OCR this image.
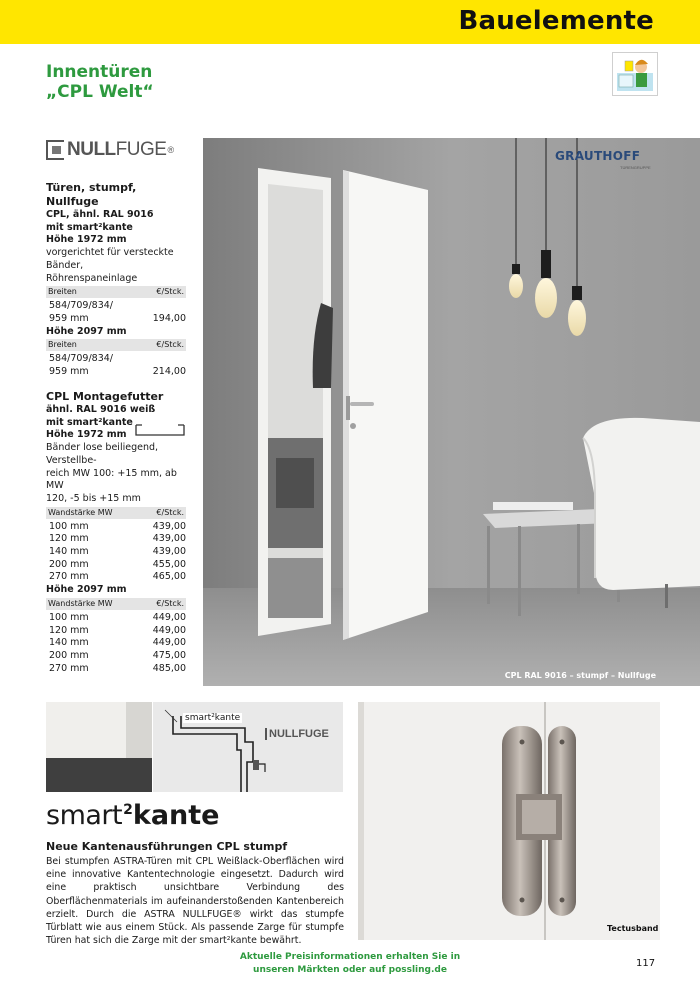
Bauelemente
Innentüren
„CPL Welt“
NULLFUGE ®
Türen, stumpf, Nullfuge
CPL, ähnl. RAL 9016
mit smart²kante
Höhe 1972 mm
vorgerichtet für versteckte Bänder,
Röhrenspaneinlage
Breiten	€/Stck.
584/709/834/
959 mm	194,00
Höhe 2097 mm
Breiten	€/Stck.
584/709/834/
959 mm	214,00
CPL Montagefutter
ähnl. RAL 9016 weiß
mit smart²kante
Höhe 1972 mm
Bänder lose beiliegend, Verstellbe-
reich MW 100: +15 mm, ab MW
120, -5 bis +15 mm
Wandstärke MW	€/Stck.
100 mm	439,00
120 mm	439,00
140 mm	439,00
200 mm	455,00
270 mm	465,00
Höhe 2097 mm
Wandstärke MW	€/Stck.
100 mm	449,00
120 mm	449,00
140 mm	449,00
200 mm	475,00
270 mm	485,00
GRAUTHOFF
TÜRENGRUPPE
CPL RAL 9016 – stumpf – Nullfuge
smart²kante
NULLFUGE
Tectusband
smart$^2$kante
Neue Kantenausführungen CPL stumpf
Bei stumpfen ASTRA-Türen mit CPL Weißlack-Oberflächen wird eine innovative Kantentechnologie eingesetzt. Dadurch wird eine praktisch unsichtbare Verbindung des Oberflächenmaterials im aufeinanderstoßenden Kantenbereich erzielt. Durch die ASTRA NULLFUGE® wirkt das stumpfe Türblatt wie aus einem Stück. Als passende Zarge für stumpfe Türen hat sich die Zarge mit der smart²kante bewährt.
Aktuelle Preisinformationen erhalten Sie in
unseren Märkten oder auf possling.de
117
